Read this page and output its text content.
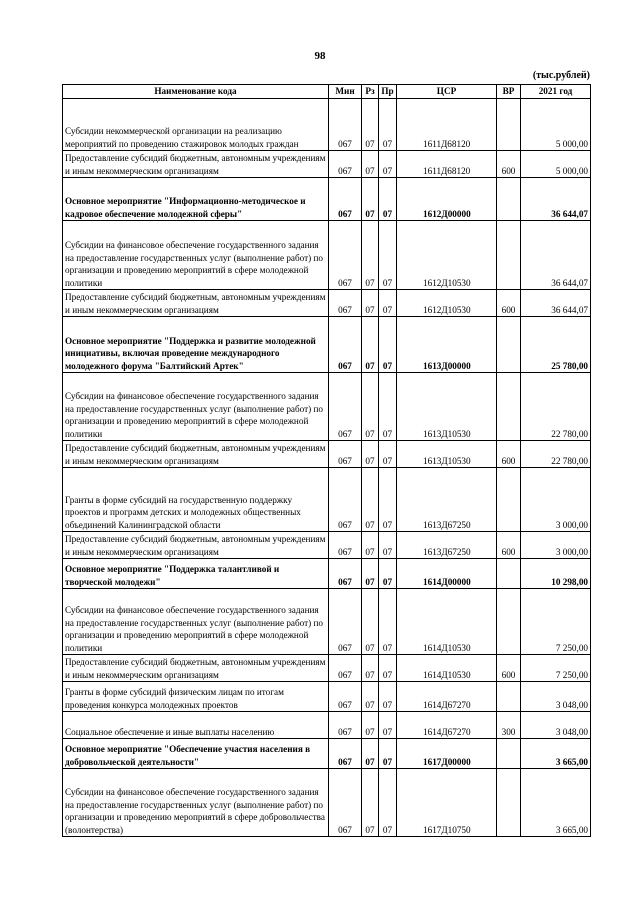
98
(тыс.рублей)
Наименование кода	Мин	Рз	Пр	ЦСР	ВР	2021 год
Субсидии некоммерческой организации на реализацию мероприятий по проведению стажировок молодых граждан	067	07	07	1611Д68120		5 000,00
Предоставление субсидий бюджетным, автономным учреждениям и иным некоммерческим организациям	067	07	07	1611Д68120	600	5 000,00
Основное мероприятие "Информационно-методическое и кадровое обеспечение молодежной сферы"	067	07	07	1612Д00000		36 644,07
Субсидии на финансовое обеспечение государственного задания на предоставление государственных услуг (выполнение работ) по организации и проведению мероприятий в сфере молодежной политики	067	07	07	1612Д10530		36 644,07
Предоставление субсидий бюджетным, автономным учреждениям и иным некоммерческим организациям	067	07	07	1612Д10530	600	36 644,07
Основное мероприятие "Поддержка и развитие молодежной инициативы, включая проведение международного молодежного форума "Балтийский Артек"	067	07	07	1613Д00000		25 780,00
Субсидии на финансовое обеспечение государственного задания на предоставление государственных услуг (выполнение работ) по организации и проведению мероприятий в сфере молодежной политики	067	07	07	1613Д10530		22 780,00
Предоставление субсидий бюджетным, автономным учреждениям и иным некоммерческим организациям	067	07	07	1613Д10530	600	22 780,00
Гранты в форме субсидий на государственную поддержку проектов и программ детских и молодежных общественных объединений Калининградской области	067	07	07	1613Д67250		3 000,00
Предоставление субсидий бюджетным, автономным учреждениям и иным некоммерческим организациям	067	07	07	1613Д67250	600	3 000,00
Основное мероприятие "Поддержка талантливой и творческой молодежи"	067	07	07	1614Д00000		10 298,00
Субсидии на финансовое обеспечение государственного задания на предоставление государственных услуг (выполнение работ) по организации и проведению мероприятий в сфере молодежной политики	067	07	07	1614Д10530		7 250,00
Предоставление субсидий бюджетным, автономным учреждениям и иным некоммерческим организациям	067	07	07	1614Д10530	600	7 250,00
Гранты в форме субсидий физическим лицам по итогам проведения конкурса молодежных проектов	067	07	07	1614Д67270		3 048,00
Социальное обеспечение и иные выплаты населению	067	07	07	1614Д67270	300	3 048,00
Основное мероприятие "Обеспечение участия населения в добровольческой деятельности"	067	07	07	1617Д00000		3 665,00
Субсидии на финансовое обеспечение государственного задания на предоставление государственных услуг (выполнение работ) по организации и проведению мероприятий в сфере добровольчества (волонтерства)	067	07	07	1617Д10750		3 665,00
